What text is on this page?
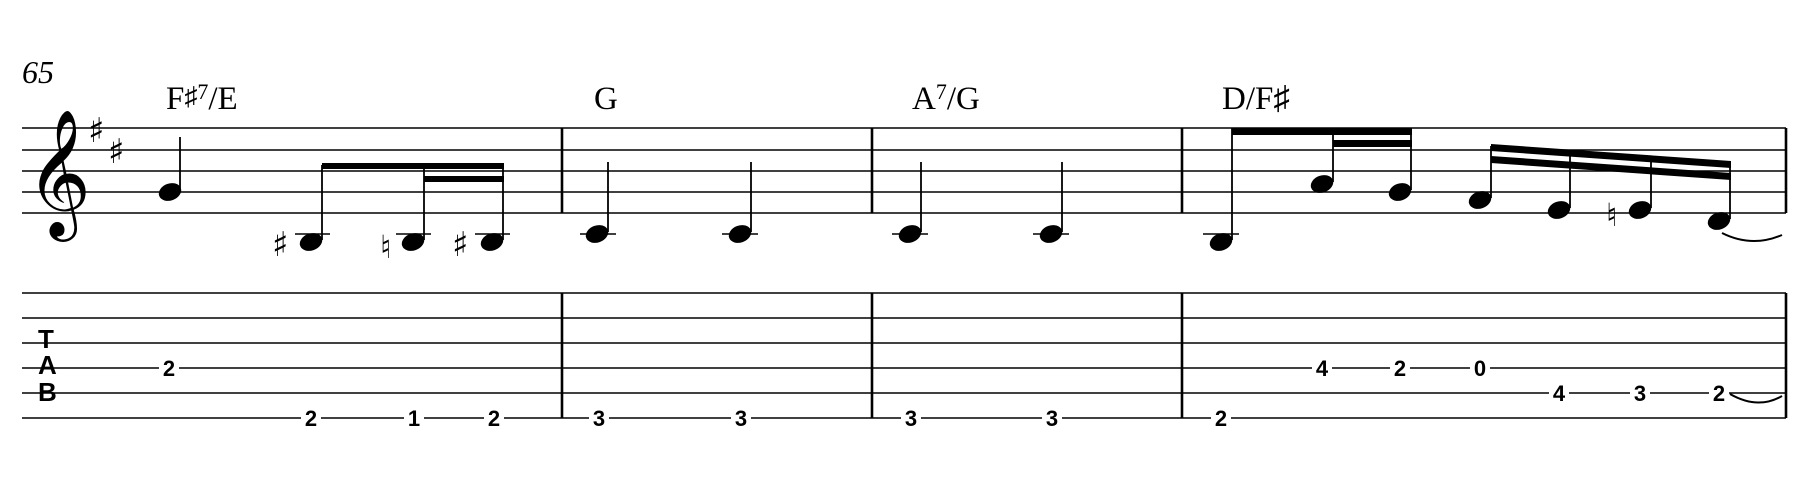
65
F♯7/E	G	$A^7/G$	D/F♯
𝄞
♯
♯
♯	♮ ♯
♮
T
A
B
2
2	1	2	3	3	3	3	2
4	2	0
4	3	2
